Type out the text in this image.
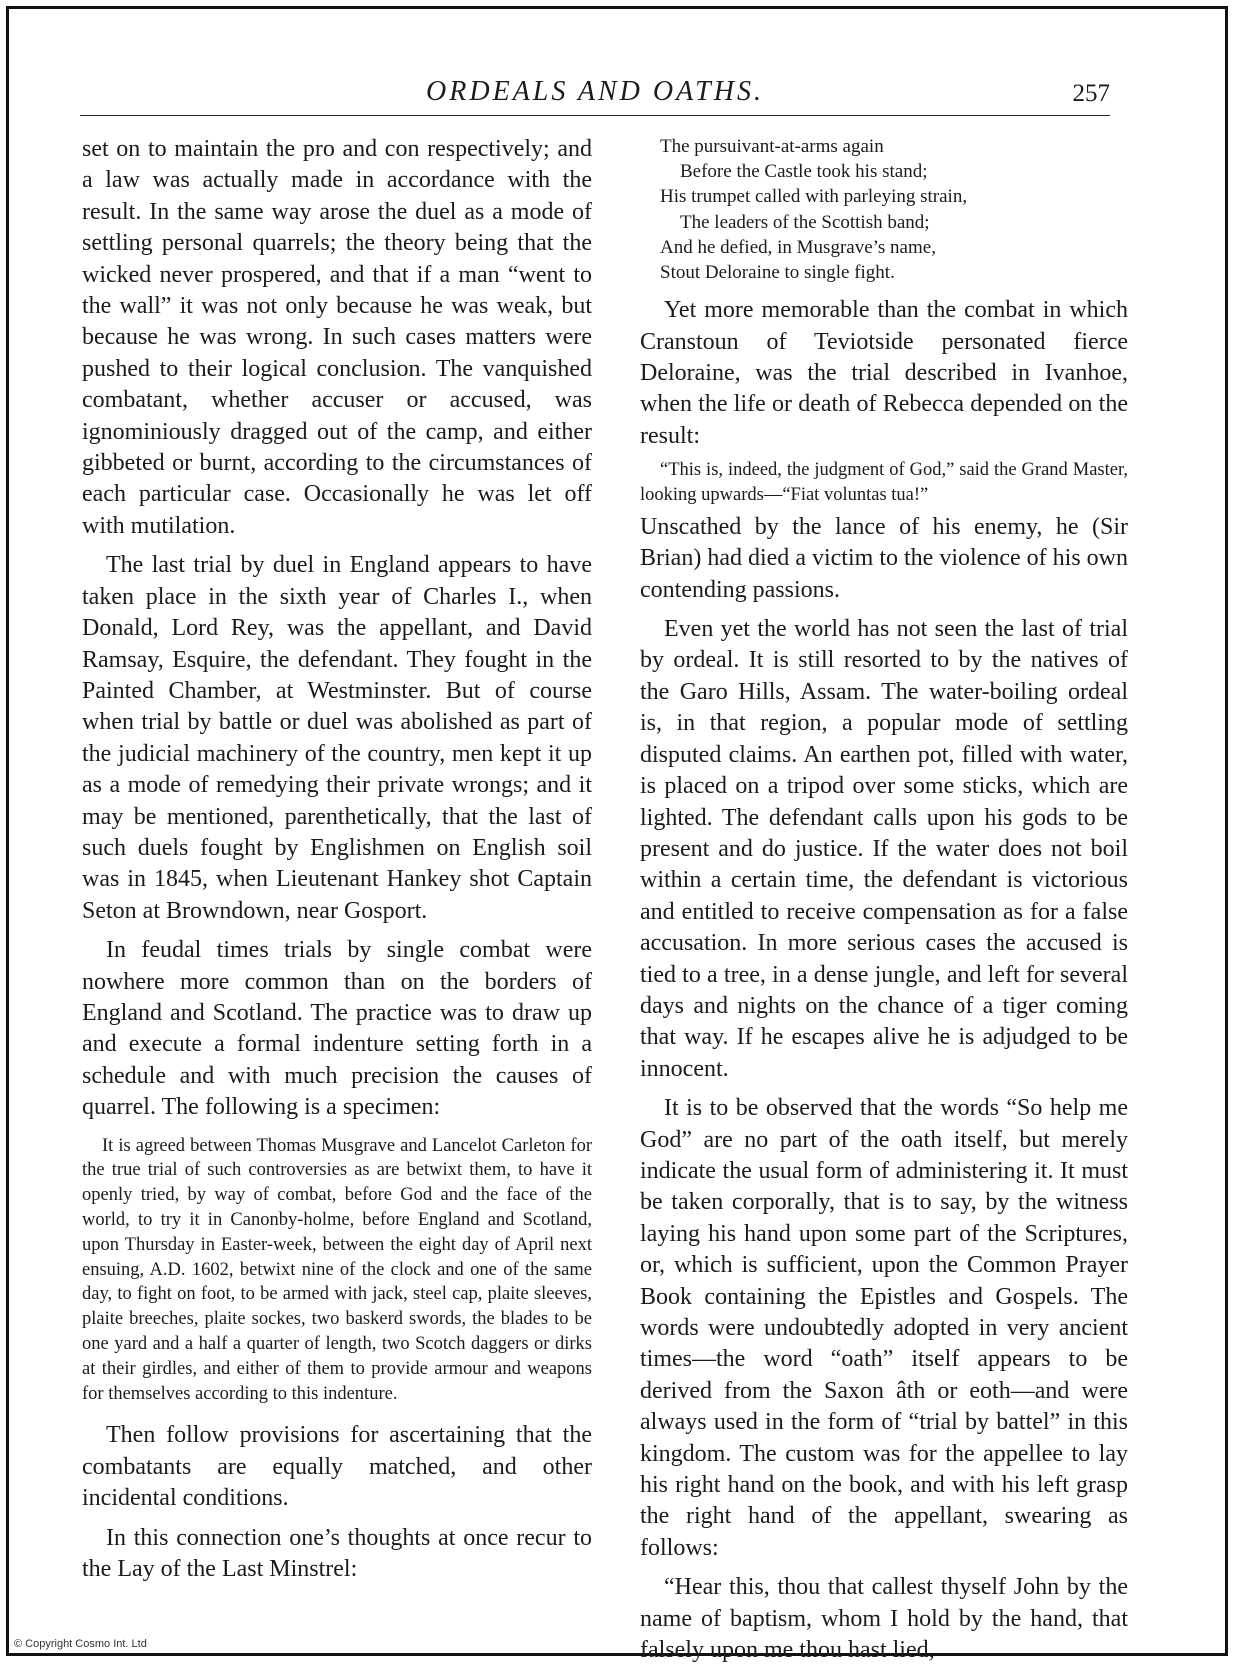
ORDEALS AND OATHS.	257

set on to maintain the pro and con respectively; and a law was actually made in accordance with the result. In the same way arose the duel as a mode of settling personal quarrels; the theory being that the wicked never prospered, and that if a man “went to the wall” it was not only because he was weak, but because he was wrong. In such cases matters were pushed to their logical conclusion. The vanquished combatant, whether accuser or accused, was ignominiously dragged out of the camp, and either gibbeted or burnt, according to the circumstances of each particular case. Occasionally he was let off with mutilation.

The last trial by duel in England appears to have taken place in the sixth year of Charles I., when Donald, Lord Rey, was the appellant, and David Ramsay, Esquire, the defendant. They fought in the Painted Chamber, at Westminster. But of course when trial by battle or duel was abolished as part of the judicial machinery of the country, men kept it up as a mode of remedying their private wrongs; and it may be mentioned, parenthetically, that the last of such duels fought by Englishmen on English soil was in 1845, when Lieutenant Hankey shot Captain Seton at Browndown, near Gosport.

In feudal times trials by single combat were nowhere more common than on the borders of England and Scotland. The practice was to draw up and execute a formal indenture setting forth in a schedule and with much precision the causes of quarrel. The following is a specimen:

It is agreed between Thomas Musgrave and Lancelot Carleton for the true trial of such controversies as are betwixt them, to have it openly tried, by way of combat, before God and the face of the world, to try it in Canonby-holme, before England and Scotland, upon Thursday in Easter-week, between the eight day of April next ensuing, A.D. 1602, betwixt nine of the clock and one of the same day, to fight on foot, to be armed with jack, steel cap, plaite sleeves, plaite breeches, plaite sockes, two baskerd swords, the blades to be one yard and a half a quarter of length, two Scotch daggers or dirks at their girdles, and either of them to provide armour and weapons for themselves according to this indenture.

Then follow provisions for ascertaining that the combatants are equally matched, and other incidental conditions.

In this connection one’s thoughts at once recur to the Lay of the Last Minstrel:

The pursuivant-at-arms again
Before the Castle took his stand;
His trumpet called with parleying strain,
The leaders of the Scottish band;
And he defied, in Musgrave’s name,
Stout Deloraine to single fight.

Yet more memorable than the combat in which Cranstoun of Teviotside personated fierce Deloraine, was the trial described in Ivanhoe, when the life or death of Rebecca depended on the result:

“This is, indeed, the judgment of God,” said the Grand Master, looking upwards—“Fiat voluntas tua!”

Unscathed by the lance of his enemy, he (Sir Brian) had died a victim to the violence of his own contending passions.

Even yet the world has not seen the last of trial by ordeal. It is still resorted to by the natives of the Garo Hills, Assam. The water-boiling ordeal is, in that region, a popular mode of settling disputed claims. An earthen pot, filled with water, is placed on a tripod over some sticks, which are lighted. The defendant calls upon his gods to be present and do justice. If the water does not boil within a certain time, the defendant is victorious and entitled to receive compensation as for a false accusation. In more serious cases the accused is tied to a tree, in a dense jungle, and left for several days and nights on the chance of a tiger coming that way. If he escapes alive he is adjudged to be innocent.

It is to be observed that the words “So help me God” are no part of the oath itself, but merely indicate the usual form of administering it. It must be taken corporally, that is to say, by the witness laying his hand upon some part of the Scriptures, or, which is sufficient, upon the Common Prayer Book containing the Epistles and Gospels. The words were undoubtedly adopted in very ancient times—the word “oath” itself appears to be derived from the Saxon âth or eoth—and were always used in the form of “trial by battel” in this kingdom. The custom was for the appellee to lay his right hand on the book, and with his left grasp the right hand of the appellant, swearing as follows:

“Hear this, thou that callest thyself John by the name of baptism, whom I hold by the hand, that falsely upon me thou hast lied,

© Copyright Cosmo Int. Ltd
